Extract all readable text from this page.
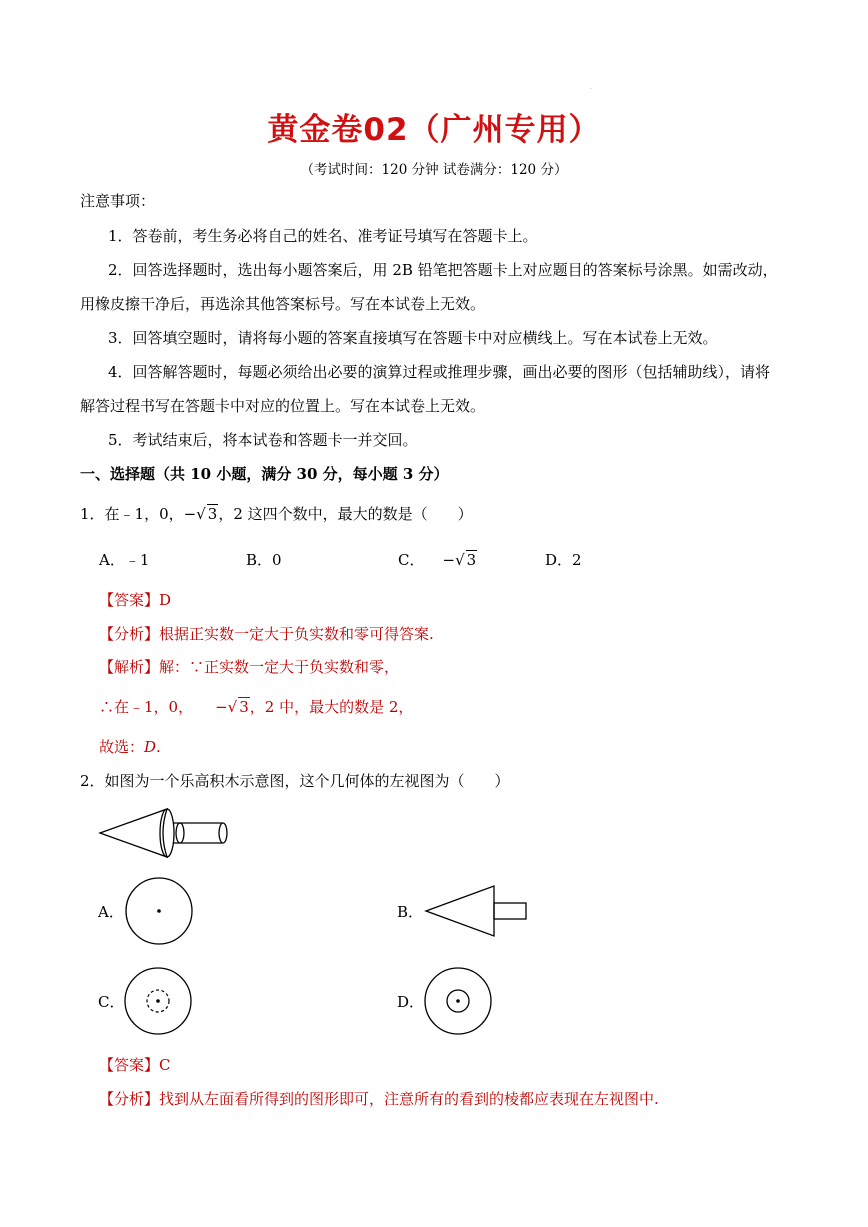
·
黄金卷02（广州专用）
（考试时间：120 分钟 试卷满分：120 分）
注意事项：
1．答卷前，考生务必将自己的姓名、准考证号填写在答题卡上。
2．回答选择题时，选出每小题答案后，用 2B 铅笔把答题卡上对应题目的答案标号涂黑。如需改动，
用橡皮擦干净后，再选涂其他答案标号。写在本试卷上无效。
3．回答填空题时，请将每小题的答案直接填写在答题卡中对应横线上。写在本试卷上无效。
4．回答解答题时，每题必须给出必要的演算过程或推理步骤，画出必要的图形（包括辅助线），请将
解答过程书写在答题卡中对应的位置上。写在本试卷上无效。
5．考试结束后，将本试卷和答题卡一并交回。
一、选择题（共 10 小题，满分 30 分，每小题 3 分）
1．在﹣1，0，−√ 3，2 这四个数中，最大的数是（　　）
A．﹣1	B．0	C． −√ 3	D．2
【答案】D
【分析】根据正实数一定大于负实数和零可得答案.
【解析】解：∵正实数一定大于负实数和零，
∴在﹣1，0， −√ 3，2 中，最大的数是 2，
故选：D.
2．如图为一个乐高积木示意图，这个几何体的左视图为（　　）
A．	B．
C．	D．
【答案】C
【分析】找到从左面看所得到的图形即可，注意所有的看到的棱都应表现在左视图中.
